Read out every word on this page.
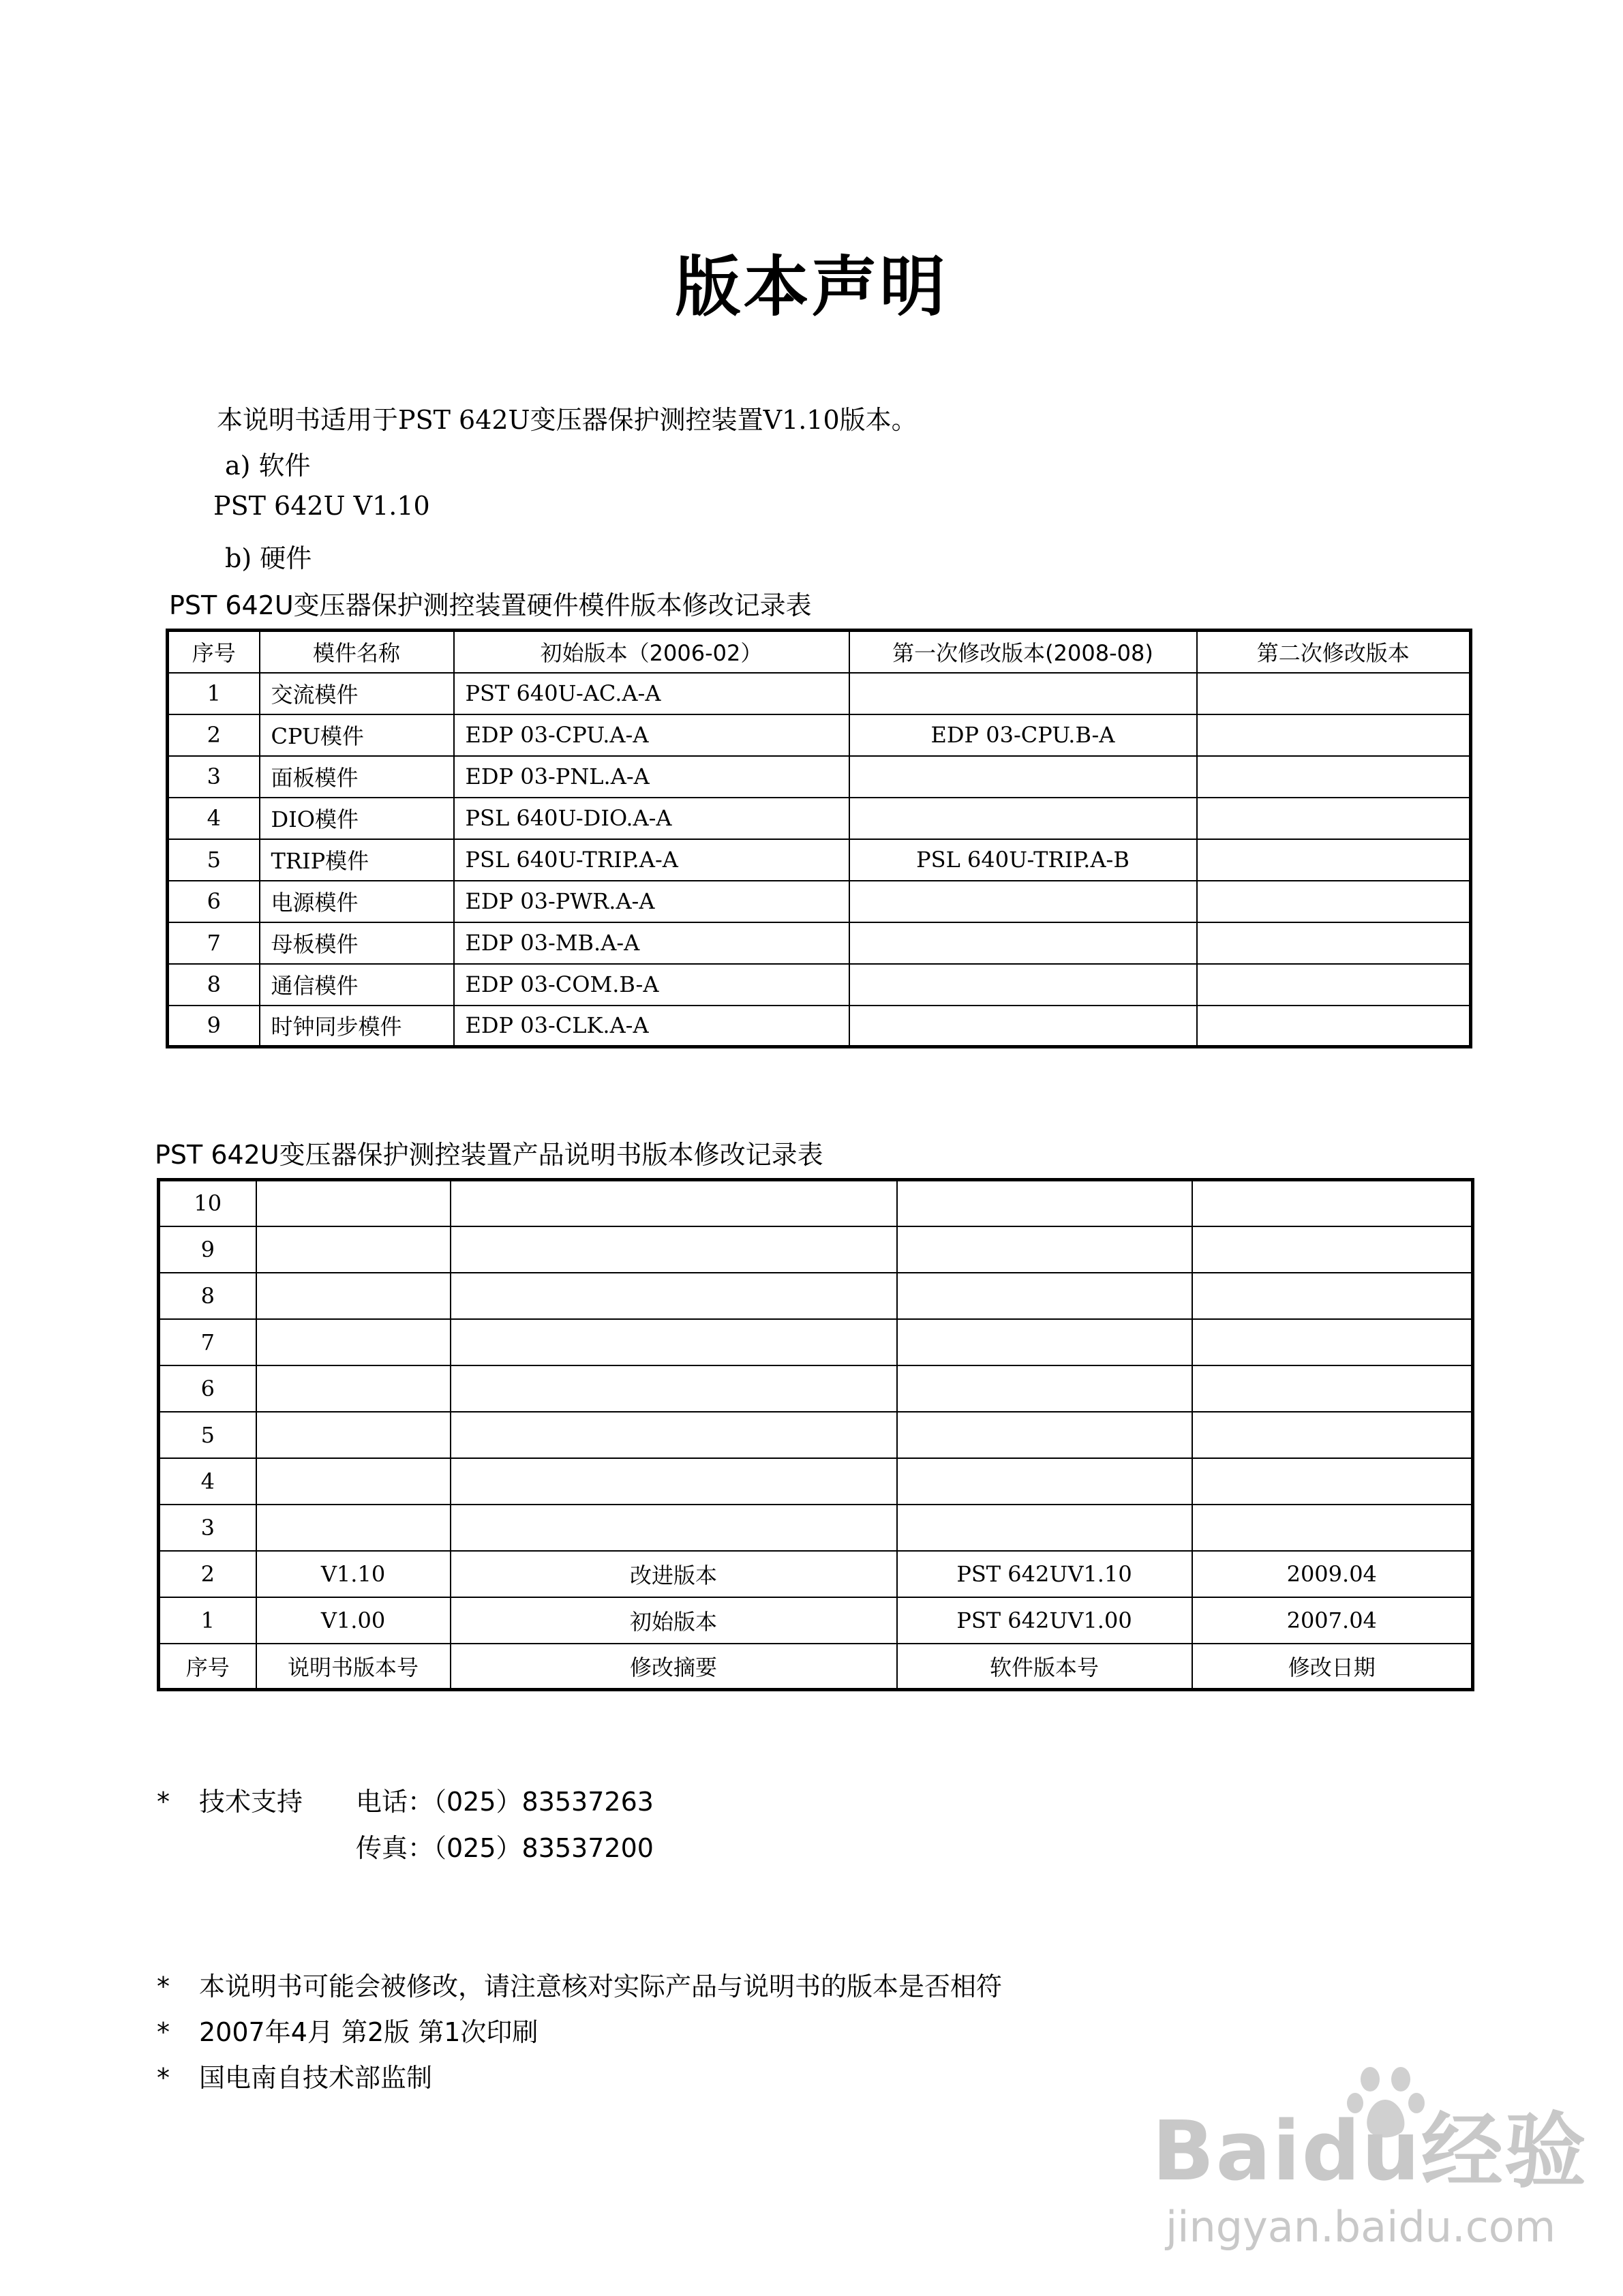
版本声明
本说明书适用于PST 642U变压器保护测控装置V1.10版本。
a) 软件
PST 642U V1.10
b) 硬件
PST 642U变压器保护测控装置硬件模件版本修改记录表
序号	模件名称	初始版本（2006-02）	第一次修改版本(2008-08)	第二次修改版本
1	交流模件	PST 640U-AC.A-A		
2	CPU模件	EDP 03-CPU.A-A	EDP 03-CPU.B-A	
3	面板模件	EDP 03-PNL.A-A		
4	DIO模件	PSL 640U-DIO.A-A		
5	TRIP模件	PSL 640U-TRIP.A-A	PSL 640U-TRIP.A-B	
6	电源模件	EDP 03-PWR.A-A		
7	母板模件	EDP 03-MB.A-A		
8	通信模件	EDP 03-COM.B-A		
9	时钟同步模件	EDP 03-CLK.A-A		
PST 642U变压器保护测控装置产品说明书版本修改记录表
10				
9				
8				
7				
6				
5				
4				
3				
2	V1.10	改进版本	PST 642UV1.10	2009.04
1	V1.00	初始版本	PST 642UV1.00	2007.04
序号	说明书版本号	修改摘要	软件版本号	修改日期
* 技术支持 电话：（025）83537263
传真：（025）83537200
* 本说明书可能会被修改，请注意核对实际产品与说明书的版本是否相符
* 2007年4月 第2版 第1次印刷
* 国电南自技术部监制
Baidu经验
jingyan.baidu.com
